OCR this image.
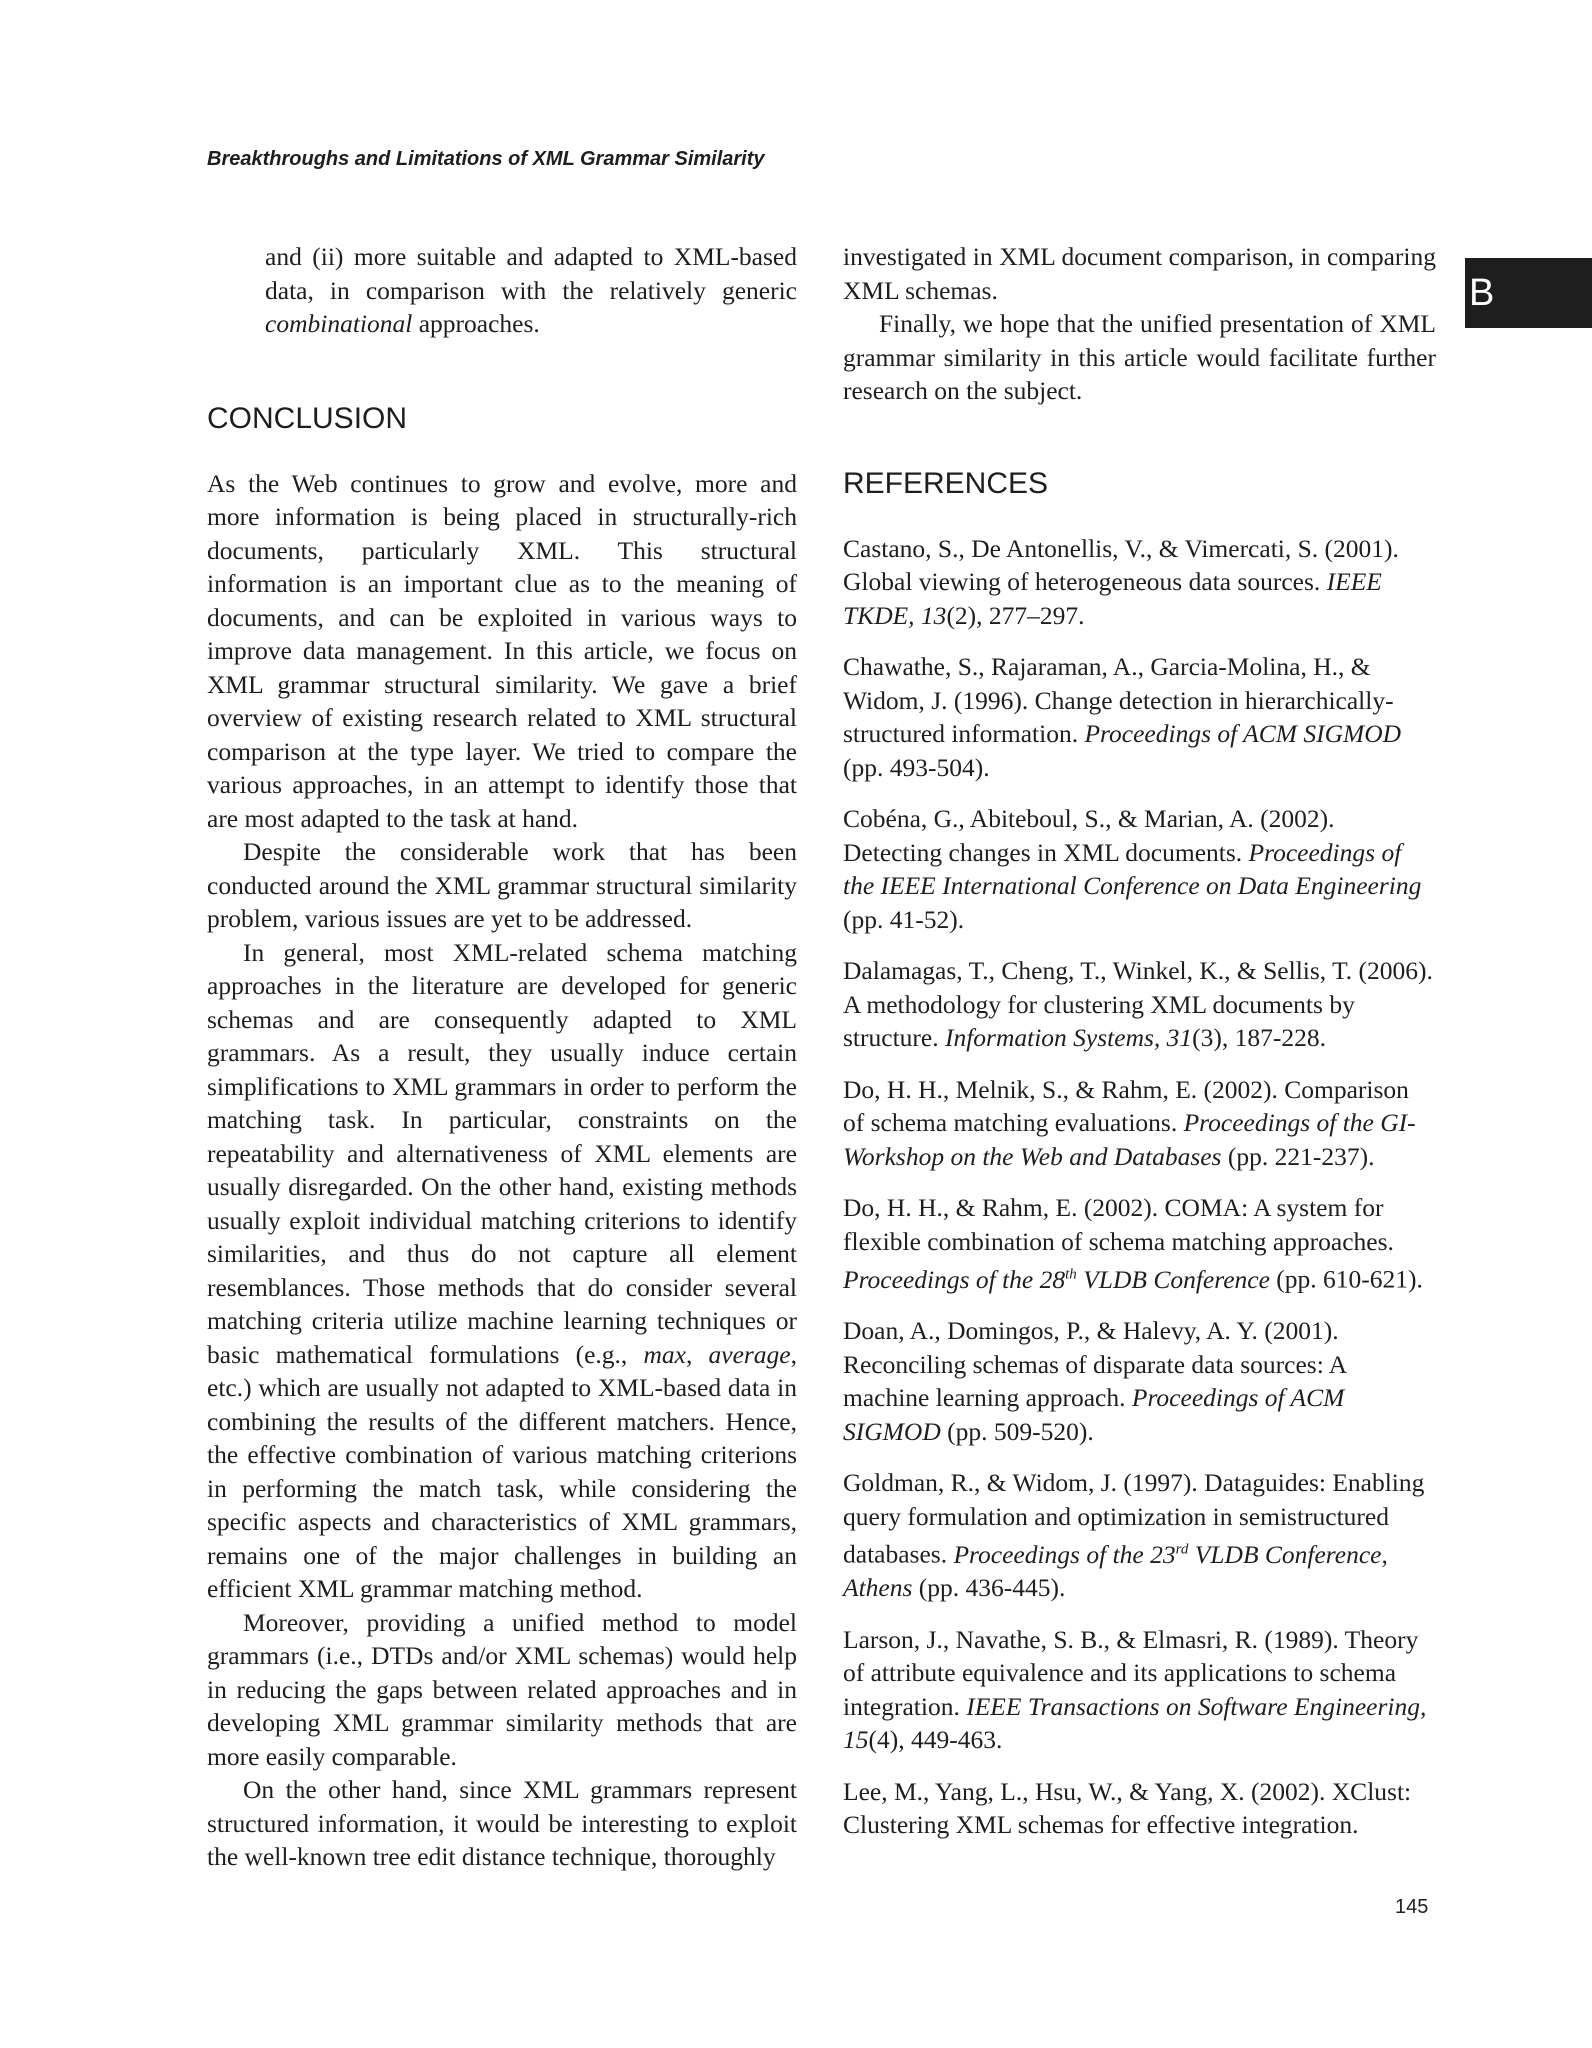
Breakthroughs and Limitations of XML Grammar Similarity
B

and (ii) more suitable and adapted to XML-based data, in comparison with the relatively generic combinational approaches.

CONCLUSION

As the Web continues to grow and evolve, more and more information is being placed in structurally-rich documents, particularly XML. This structural information is an important clue as to the meaning of documents, and can be exploited in various ways to improve data management. In this article, we focus on XML grammar structural similarity. We gave a brief overview of existing research related to XML structural comparison at the type layer. We tried to compare the various approaches, in an attempt to identify those that are most adapted to the task at hand.

Despite the considerable work that has been conducted around the XML grammar structural similarity problem, various issues are yet to be addressed.

In general, most XML-related schema matching approaches in the literature are developed for generic schemas and are consequently adapted to XML grammars. As a result, they usually induce certain simplifications to XML grammars in order to perform the matching task. In particular, constraints on the repeatability and alternativeness of XML elements are usually disregarded. On the other hand, existing methods usually exploit individual matching criterions to identify similarities, and thus do not capture all element resemblances. Those methods that do consider several matching criteria utilize machine learning techniques or basic mathematical formulations (e.g., max, average, etc.) which are usually not adapted to XML-based data in combining the results of the different matchers. Hence, the effective combination of various matching criterions in performing the match task, while considering the specific aspects and characteristics of XML grammars, remains one of the major challenges in building an efficient XML grammar matching method.

Moreover, providing a unified method to model grammars (i.e., DTDs and/or XML schemas) would help in reducing the gaps between related approaches and in developing XML grammar similarity methods that are more easily comparable.

On the other hand, since XML grammars represent structured information, it would be interesting to exploit the well-known tree edit distance technique, thoroughly

investigated in XML document comparison, in comparing XML schemas.

Finally, we hope that the unified presentation of XML grammar similarity in this article would facilitate further research on the subject.

REFERENCES

Castano, S., De Antonellis, V., & Vimercati, S. (2001). Global viewing of heterogeneous data sources. IEEE TKDE, 13(2), 277–297.

Chawathe, S., Rajaraman, A., Garcia-Molina, H., & Widom, J. (1996). Change detection in hierarchically-structured information. Proceedings of ACM SIGMOD (pp. 493-504).

Cobéna, G., Abiteboul, S., & Marian, A. (2002). Detecting changes in XML documents. Proceedings of the IEEE International Conference on Data Engineering (pp. 41-52).

Dalamagas, T., Cheng, T., Winkel, K., & Sellis, T. (2006). A methodology for clustering XML documents by structure. Information Systems, 31(3), 187-228.

Do, H. H., Melnik, S., & Rahm, E. (2002). Comparison of schema matching evaluations. Proceedings of the GI-Workshop on the Web and Databases (pp. 221-237).

Do, H. H., & Rahm, E. (2002). COMA: A system for flexible combination of schema matching approaches. Proceedings of the 28th VLDB Conference (pp. 610-621).

Doan, A., Domingos, P., & Halevy, A. Y. (2001). Reconciling schemas of disparate data sources: A machine learning approach. Proceedings of ACM SIGMOD (pp. 509-520).

Goldman, R., & Widom, J. (1997). Dataguides: Enabling query formulation and optimization in semistructured databases. Proceedings of the 23rd VLDB Conference, Athens (pp. 436-445).

Larson, J., Navathe, S. B., & Elmasri, R. (1989). Theory of attribute equivalence and its applications to schema integration. IEEE Transactions on Software Engineering, 15(4), 449-463.

Lee, M., Yang, L., Hsu, W., & Yang, X. (2002). XClust: Clustering XML schemas for effective integration.

145
